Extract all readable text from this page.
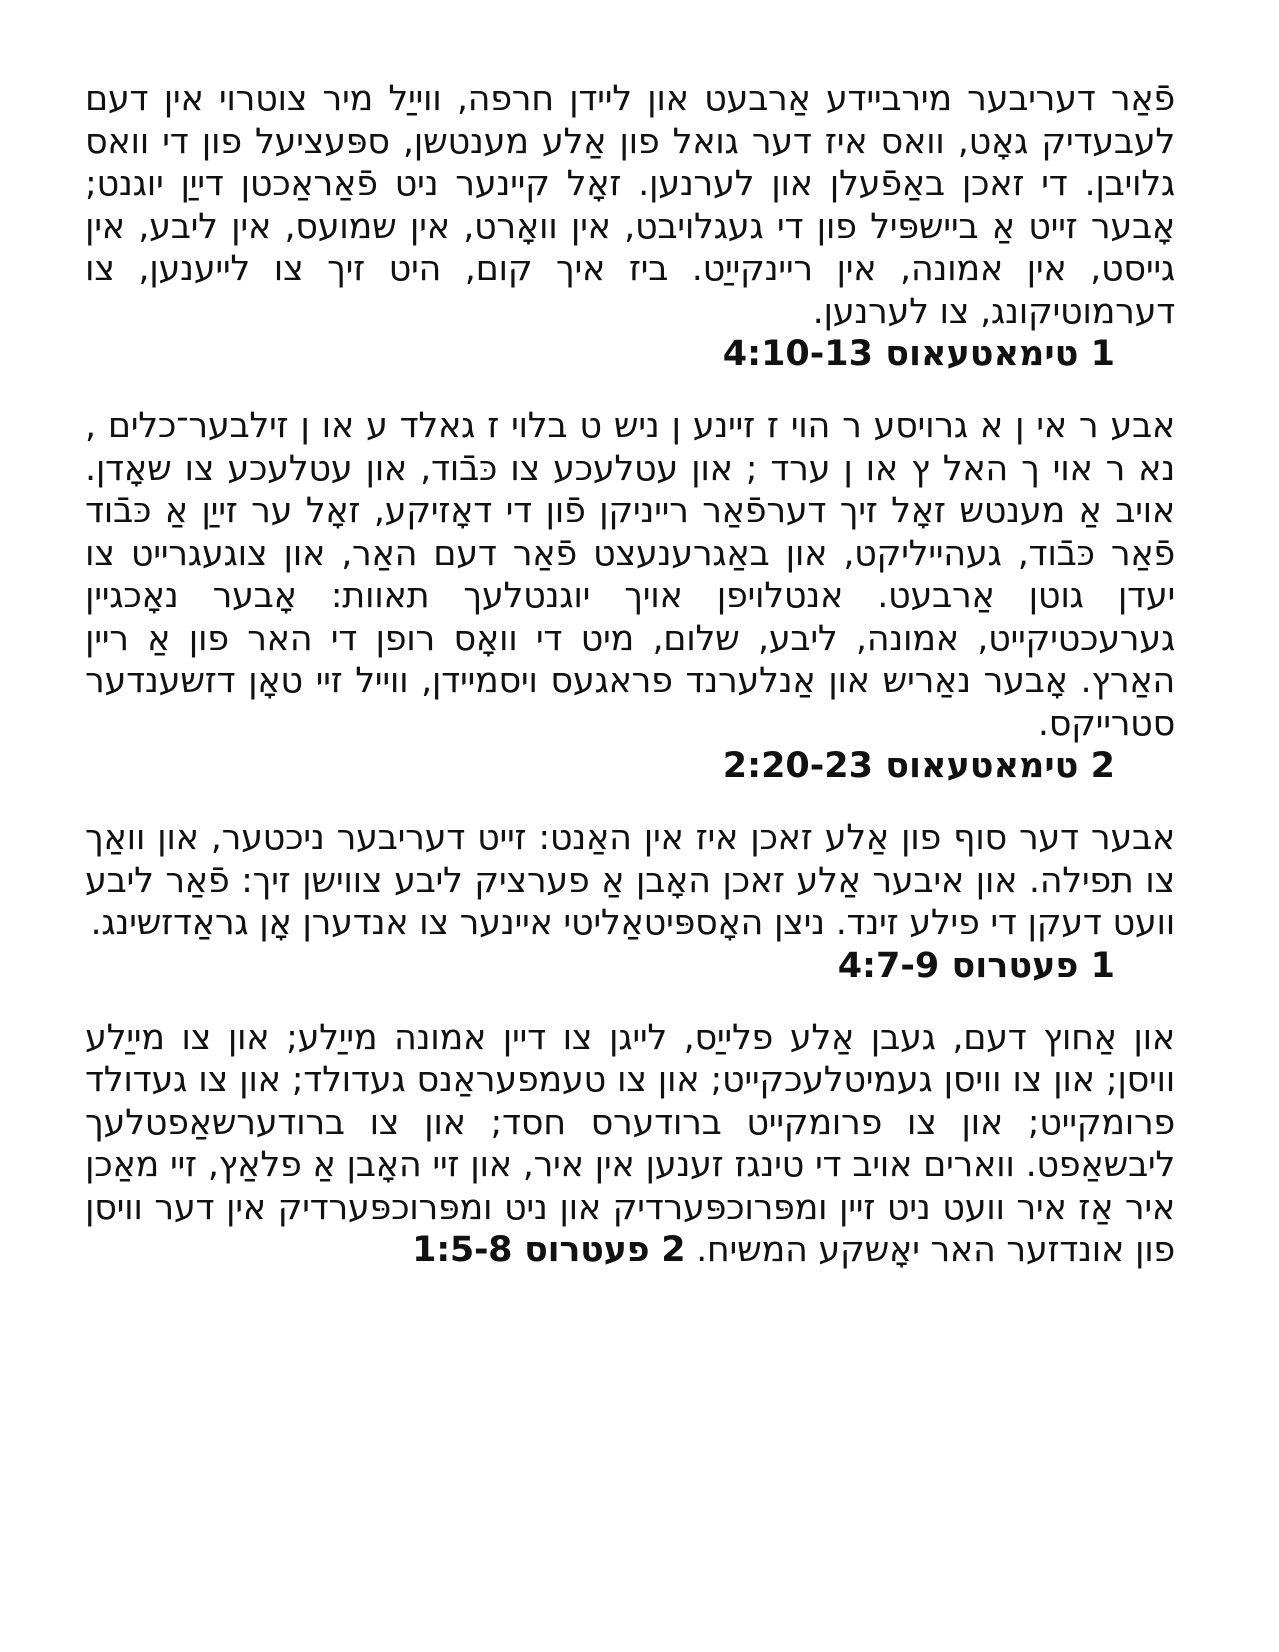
פֿאַר דעריבער מירביידע אַרבעט און ליידן חרפה, ווייַל מיר צוטרוי אין דעם לעבעדיק גאָט, וואס איז דער גואל פון אַלע מענטשן, ספּעציעל פון די וואס גלויבן. די זאכן באַפֿעלן און לערנען. זאָל קיינער ניט פֿאַראַכטן דייַן יוגנט; אָבער זייט אַ ביישפּיל פון די געגלויבט, אין וואָרט, אין שמועס, אין ליבע, אין גייסט, אין אמונה, אין ריינקייַט. ביז איך קום, היט זיך צו לייענען, צו דערמוטיקונג, צו לערנען.

1 טימאטעאוס 4:10-13

אבע ר אי ן א גרויסע ר הוי ז זיינע ן ניש ט בלוי ז גאלד ע או ן זילבער־כלים , נא ר אוי ך האל ץ או ן ערד ; און עטלעכע צו כּבֿוד, און עטלעכע צו שאָדן. אויב אַ מענטש זאָל זיך דערפֿאַר רייניקן פֿון די דאָזיקע, זאָל ער זייַן אַ כּבֿוד פֿאַר כּבֿוד, געהייליקט, און באַגרענעצט פֿאַר דעם האַר, און צוגעגרייט צו יעדן גוטן אַרבעט. אנטלויפן אויך יוגנטלעך תאוות: אָבער נאָכגיין גערעכטיקייט, אמונה, ליבע, שלום, מיט די וואָס רופן די האר פון אַ ריין האַרץ. אָבער נאַריש און אַנלערנד פראגעס ויסמיידן, ווייל זיי טאָן דזשענדער סטרייקס.

2 טימאטעאוס 2:20-23

אבער דער סוף פון אַלע זאכן איז אין האַנט: זייט דעריבער ניכטער, און וואַך צו תפילה. און איבער אַלע זאכן האָבן אַ פערציק ליבע צווישן זיך: פֿאַר ליבע וועט דעקן די פילע זינד. ניצן האָספּיטאַליטי איינער צו אנדערן אָן גראַדזשינג.

1 פעטרוס 4:7-9

און אַחוץ דעם, געבן אַלע פלייַס, לייגן צו דיין אמונה מייַלע; און צו מייַלע וויסן; און צו וויסן געמיטלעכקייט; און צו טעמפעראַנס געדולד; און צו געדולד פרומקייט; און צו פרומקייט ברודערס חסד; און צו ברודערשאַפטלעך ליבשאַפט. ווארים אויב די טינגז זענען אין איר, און זיי האָבן אַ פלאַץ, זיי מאַכן איר אַז איר וועט ניט זיין ומפּרוכפּערדיק און ניט ומפּרוכפּערדיק אין דער וויסן פון אונדזער האר יאָשקע המשיח. 2 פעטרוס 1:5-8
